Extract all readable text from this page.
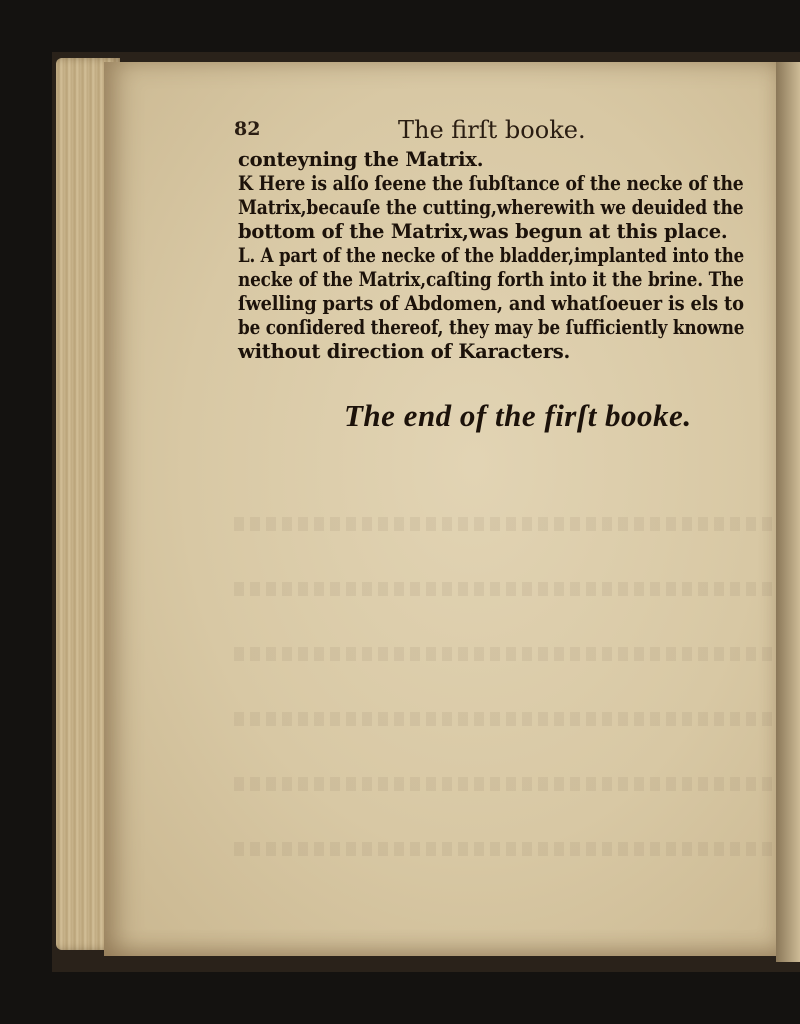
82	The firſt booke.
conteyning the Matrix.
K Here is alſo ſeene the ſubſtance of the necke of the
Matrix,becauſe the cutting,wherewith we deuided the
bottom of the Matrix,was begun at this place.
L. A part of the necke of the bladder,implanted into the
necke of the Matrix,caſting forth into it the brine. The
ſwelling parts of Abdomen, and whatſoeuer is els to
be conſidered thereof, they may be ſufficiently knowne
without direction of Karacters.
The end of the firſt booke.
